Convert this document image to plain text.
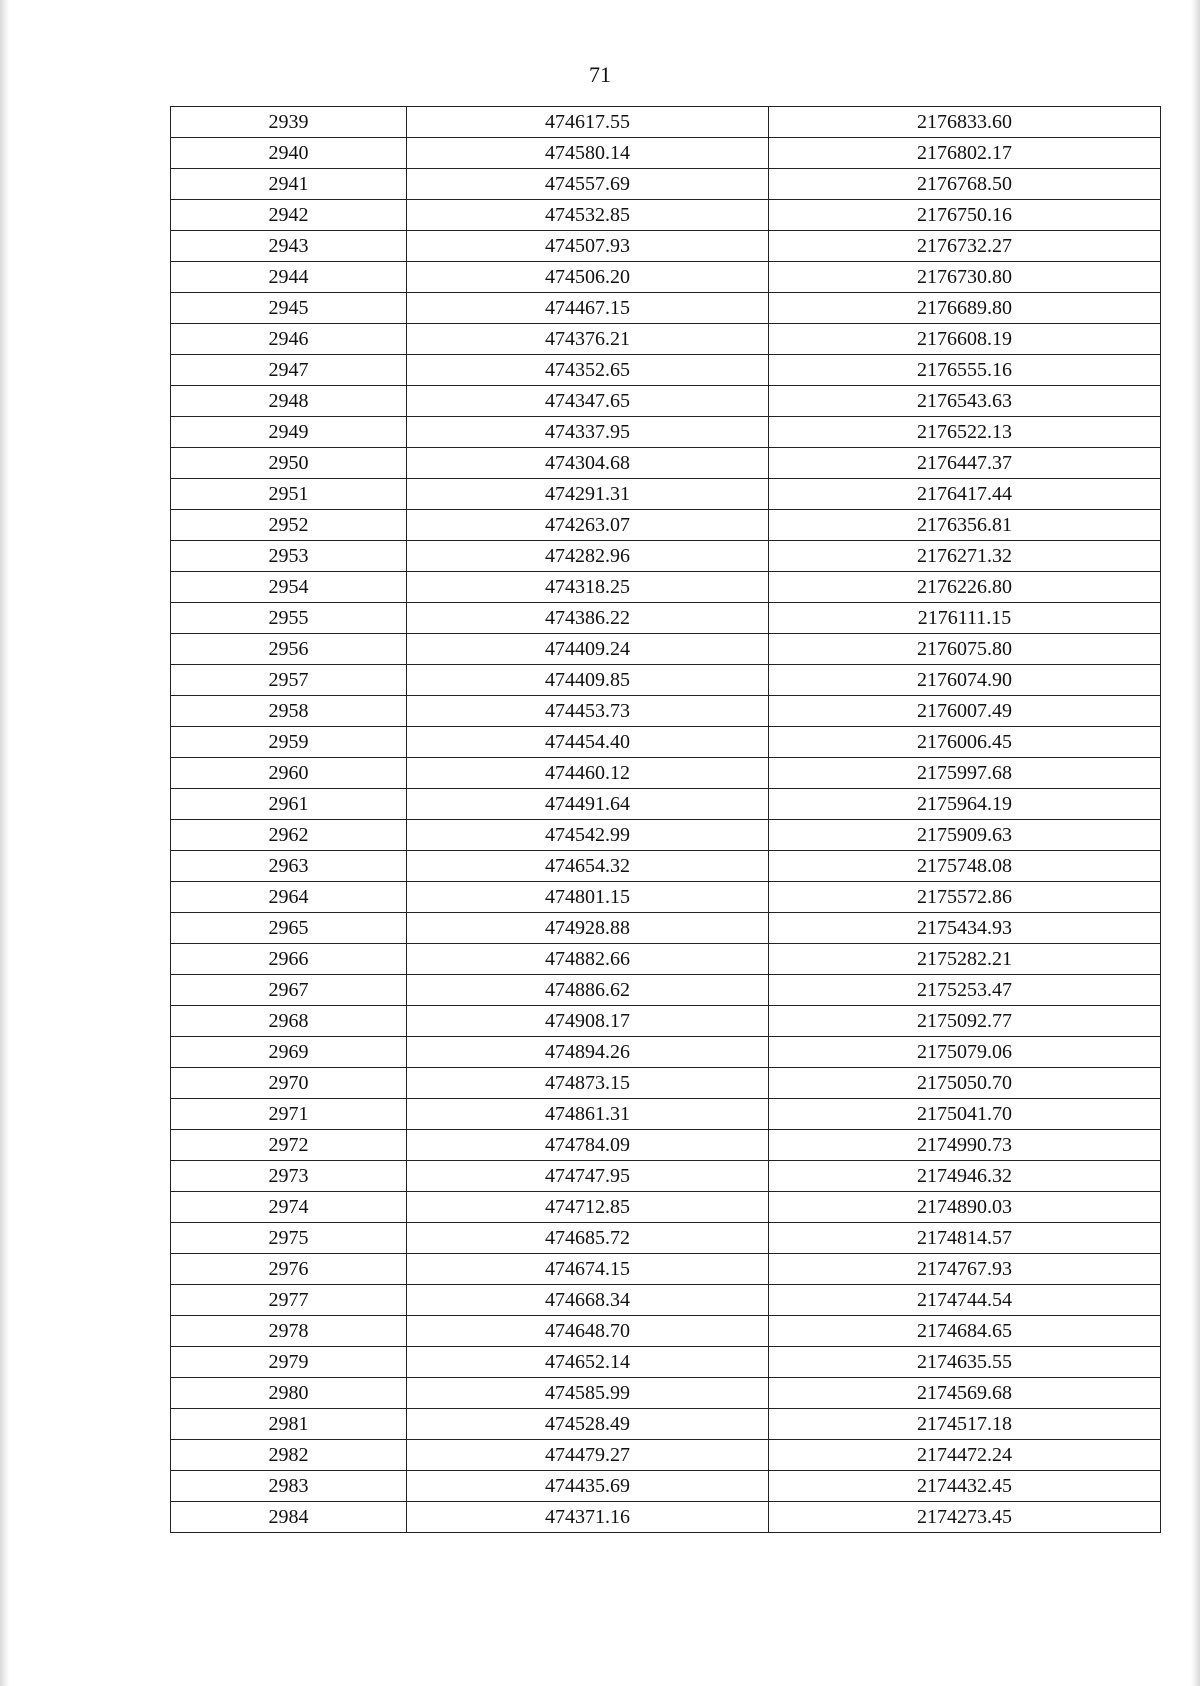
71
2939	474617.55	2176833.60
2940	474580.14	2176802.17
2941	474557.69	2176768.50
2942	474532.85	2176750.16
2943	474507.93	2176732.27
2944	474506.20	2176730.80
2945	474467.15	2176689.80
2946	474376.21	2176608.19
2947	474352.65	2176555.16
2948	474347.65	2176543.63
2949	474337.95	2176522.13
2950	474304.68	2176447.37
2951	474291.31	2176417.44
2952	474263.07	2176356.81
2953	474282.96	2176271.32
2954	474318.25	2176226.80
2955	474386.22	2176111.15
2956	474409.24	2176075.80
2957	474409.85	2176074.90
2958	474453.73	2176007.49
2959	474454.40	2176006.45
2960	474460.12	2175997.68
2961	474491.64	2175964.19
2962	474542.99	2175909.63
2963	474654.32	2175748.08
2964	474801.15	2175572.86
2965	474928.88	2175434.93
2966	474882.66	2175282.21
2967	474886.62	2175253.47
2968	474908.17	2175092.77
2969	474894.26	2175079.06
2970	474873.15	2175050.70
2971	474861.31	2175041.70
2972	474784.09	2174990.73
2973	474747.95	2174946.32
2974	474712.85	2174890.03
2975	474685.72	2174814.57
2976	474674.15	2174767.93
2977	474668.34	2174744.54
2978	474648.70	2174684.65
2979	474652.14	2174635.55
2980	474585.99	2174569.68
2981	474528.49	2174517.18
2982	474479.27	2174472.24
2983	474435.69	2174432.45
2984	474371.16	2174273.45
